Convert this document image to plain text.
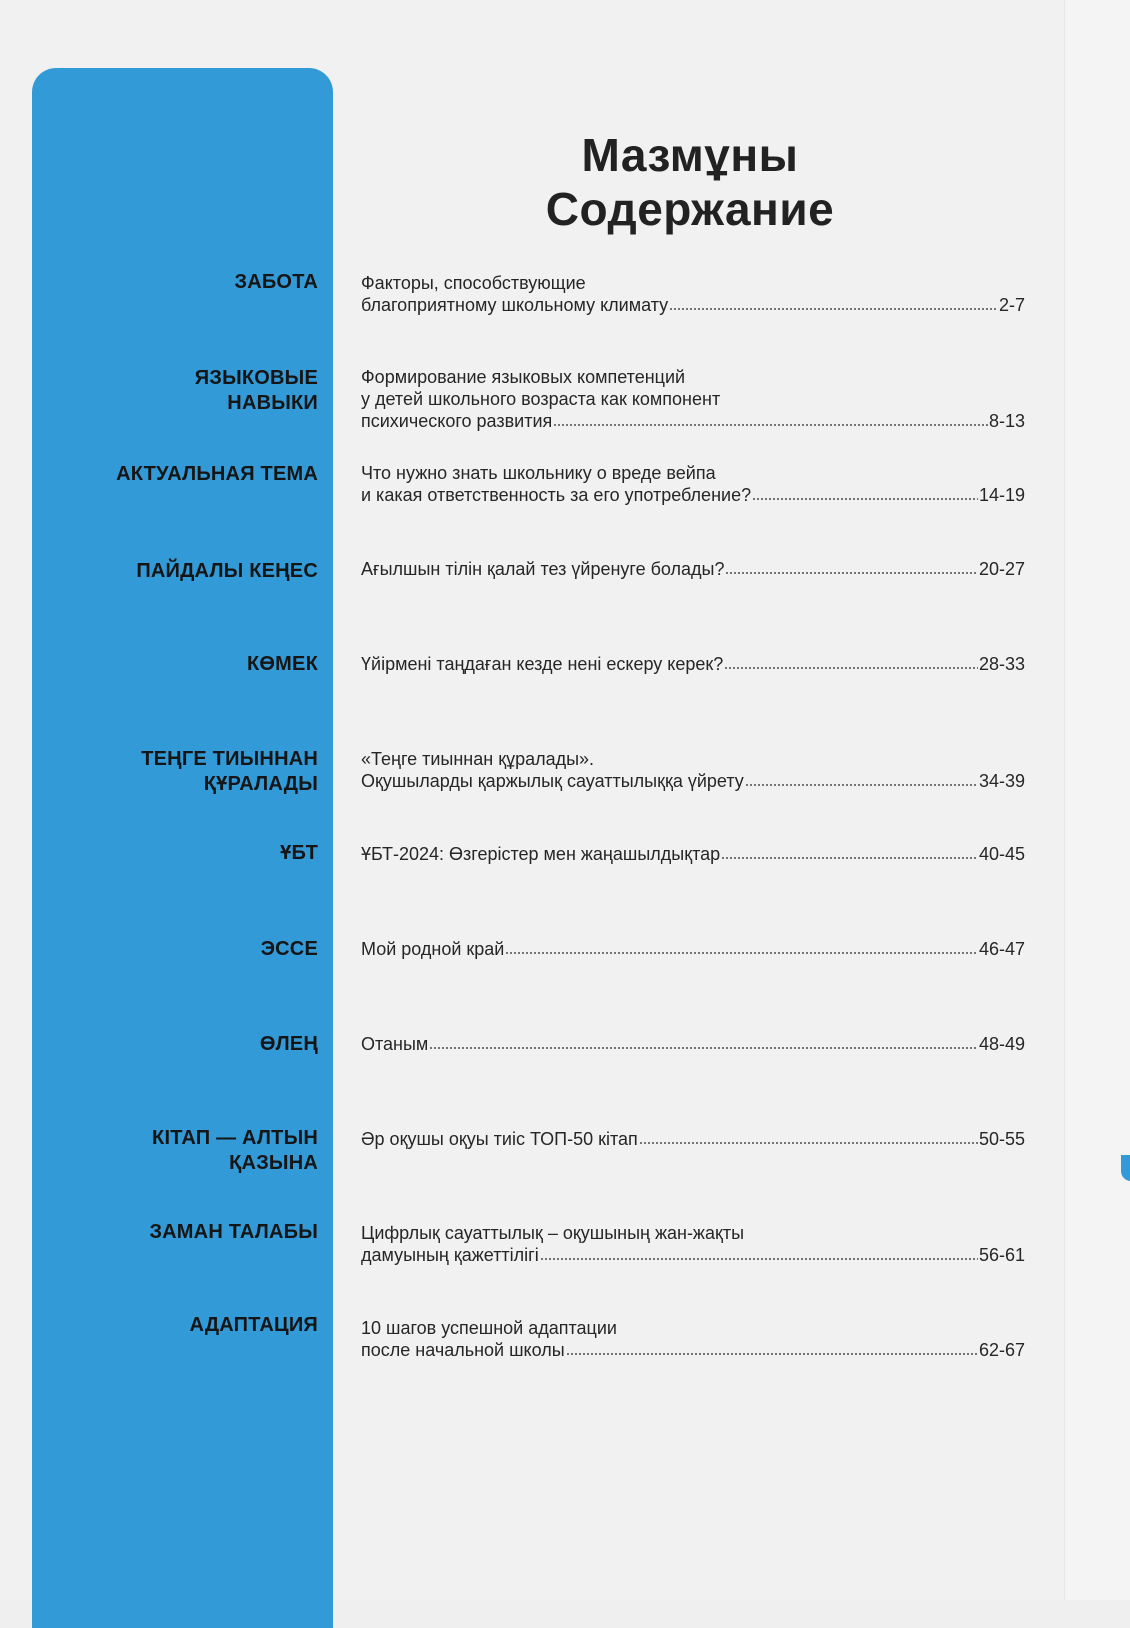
Мазмұны
Содержание
ЗАБОТА Факторы, способствующие
благоприятному школьному климату	2-7
ЯЗЫКОВЫЕ
НАВЫКИ
Формирование языковых компетенций
у детей школьного возраста как компонент
психического развития	8-13
АКТУАЛЬНАЯ ТЕМА Что нужно знать школьнику о вреде вейпа
и какая ответственность за его употребление?	14-19
ПАЙДАЛЫ КЕҢЕС Ағылшын тілін қалай тез үйренуге болады?	20-27
КӨМЕК Үйірмені таңдаған кезде нені ескеру керек?	28-33
ТЕҢГЕ ТИЫННАН
ҚҰРАЛАДЫ
«Теңге тиыннан құралады».
Оқушыларды қаржылық сауаттылыққа үйрету	34-39
ҰБТ ҰБТ-2024: Өзгерістер мен жаңашылдықтар	40-45
ЭССЕ Мой родной край	46-47
ӨЛЕҢ Отаным	48-49
КІТАП — АЛТЫН
ҚАЗЫНА
Әр оқушы оқуы тиіс ТОП-50 кітап	50-55
ЗАМАН ТАЛАБЫ Цифрлық сауаттылық – оқушының жан-жақты
дамуының қажеттілігі	56-61
АДАПТАЦИЯ 10 шагов успешной адаптации
после начальной школы	62-67
